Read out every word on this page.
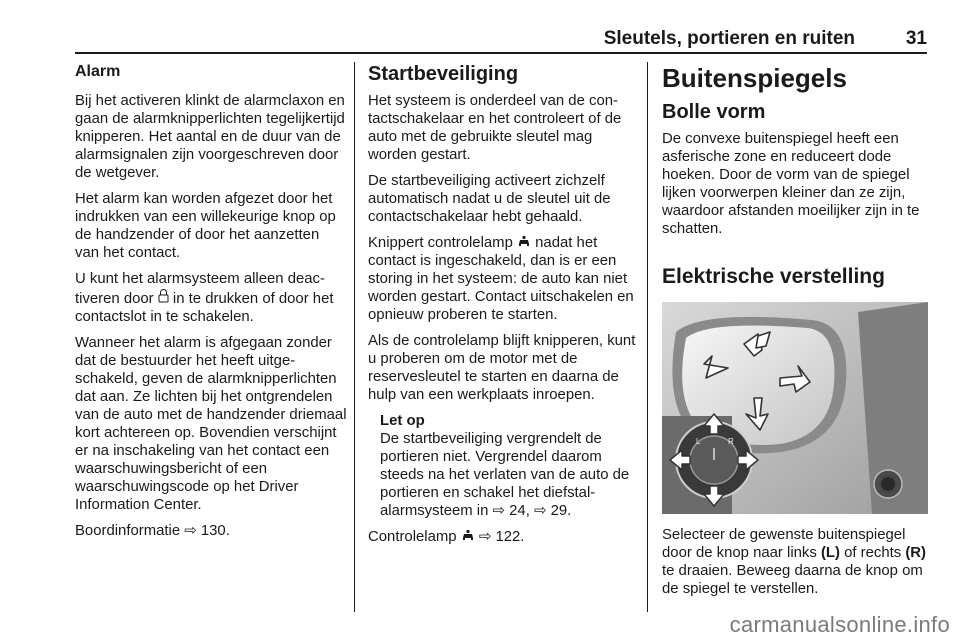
Sleutels, portieren en ruiten	31
Alarm

Bij het activeren klinkt de alarmclaxon en gaan de alarmknipperlichten tegelijkertijd knipperen. Het aantal en de duur van de alarmsignalen zijn voorgeschreven door de wetgever.

Het alarm kan worden afgezet door het indrukken van een willekeurige knop op de handzender of door het aanzetten van het contact.

U kunt het alarmsysteem alleen deactiveren door  in te drukken of door het contactslot in te schakelen.

Wanneer het alarm is afgegaan zonder dat de bestuurder het heeft uitgeschakeld, geven de alarmknipperlichten dat aan. Ze lichten bij het ontgrendelen van de auto met de handzender driemaal kort achtereen op. Bovendien verschijnt er na inschakeling van het contact een waarschuwingsbericht of een waarschuwingscode op het Driver Information Center.

Boordinformatie ⇨ 130.

Startbeveiliging

Het systeem is onderdeel van de contactschakelaar en het controleert of de auto met de gebruikte sleutel mag worden gestart.

De startbeveiliging activeert zichzelf automatisch nadat u de sleutel uit de contactschakelaar hebt gehaald.

Knippert controlelamp  nadat het contact is ingeschakeld, dan is er een storing in het systeem: de auto kan niet worden gestart. Contact uitschakelen en opnieuw proberen te starten.

Als de controlelamp blijft knipperen, kunt u proberen om de motor met de reservesleutel te starten en daarna de hulp van een werkplaats inroepen.

Let op

De startbeveiliging vergrendelt de portieren niet. Vergrendel daarom steeds na het verlaten van de auto de portieren en schakel het diefstalalarmsysteem in ⇨ 24, ⇨ 29.

Controlelamp  ⇨ 122.

Buitenspiegels
Bolle vorm

De convexe buitenspiegel heeft een asferische zone en reduceert dode hoeken. Door de vorm van de spiegel lijken voorwerpen kleiner dan ze zijn, waardoor afstanden moeilijker zijn in te schatten.

Elektrische verstelling
L	R

Selecteer de gewenste buitenspiegel door de knop naar links (L) of rechts (R) te draaien. Beweeg daarna de knop om de spiegel te verstellen.

carmanualsonline.info
